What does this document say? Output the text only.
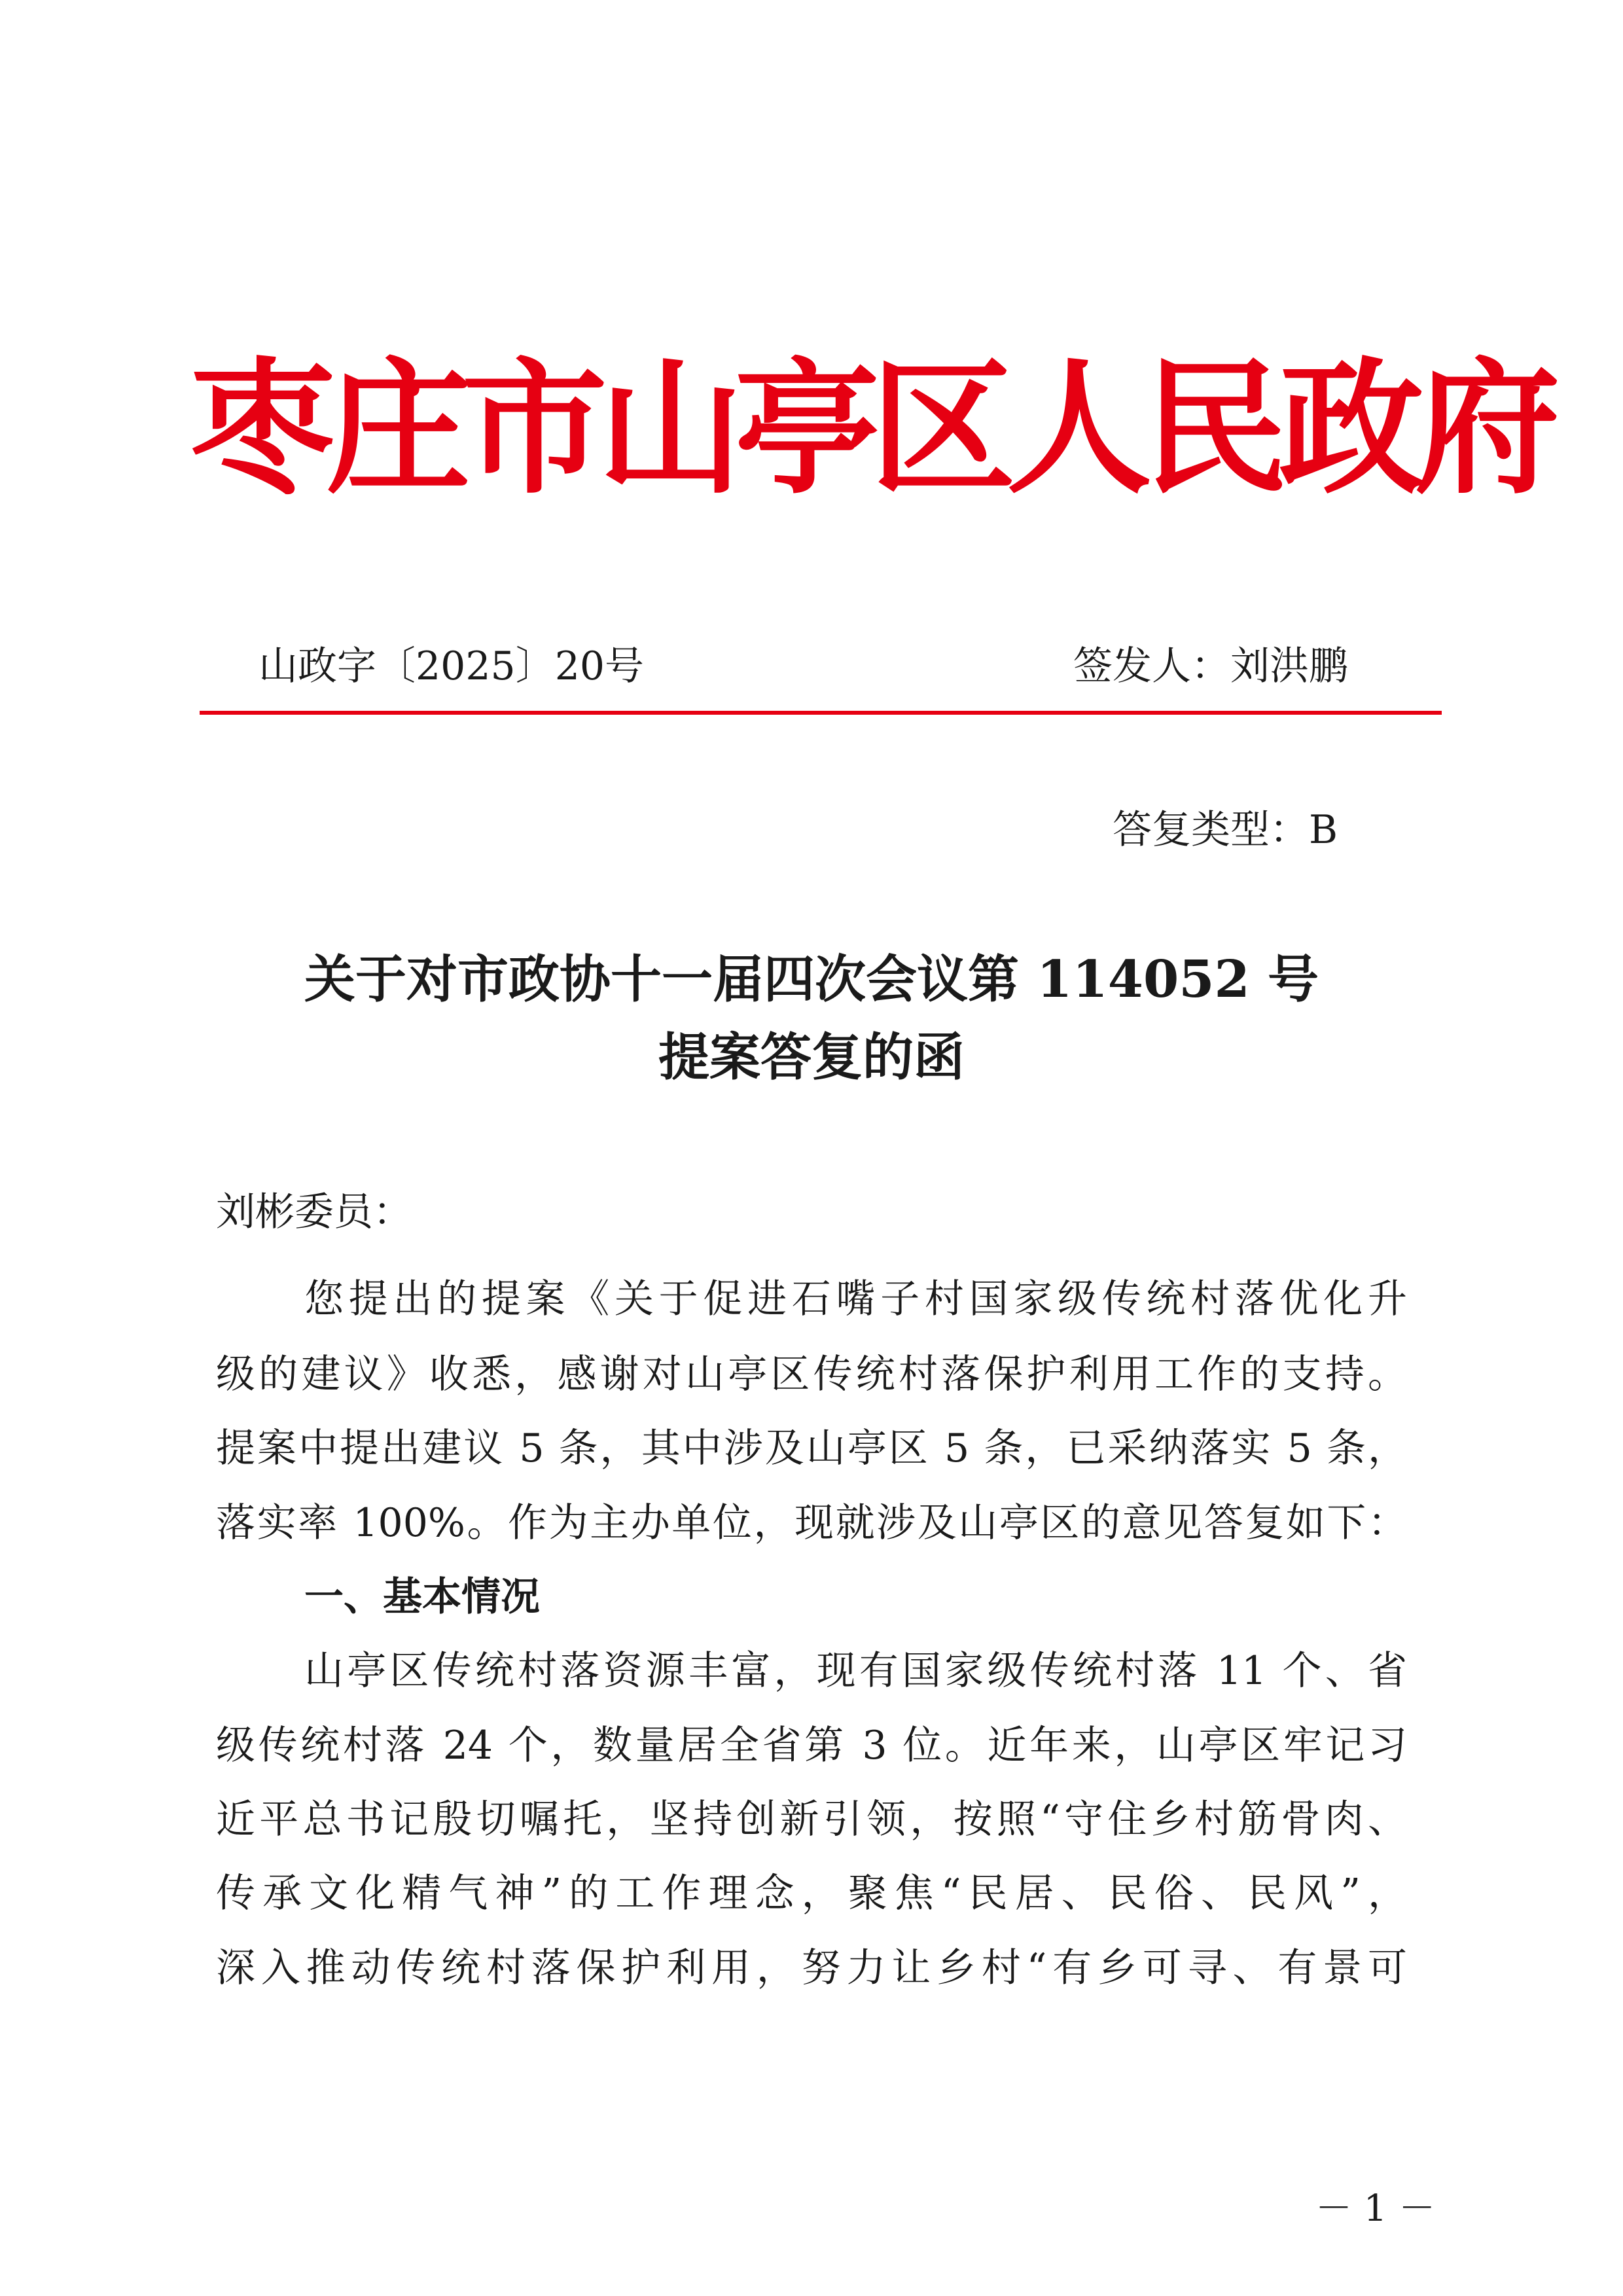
枣庄市山亭区人民政府
山政字〔2025〕20号	签发人：刘洪鹏
答复类型：B
关于对市政协十一届四次会议第 114052 号
提案答复的函
刘彬委员：
您提出的提案《关于促进石嘴子村国家级传统村落优化升
级的建议》收悉，感谢对山亭区传统村落保护利用工作的支持。
提案中提出建议 5 条，其中涉及山亭区 5 条，已采纳落实 5 条，
落实率 100%。作为主办单位，现就涉及山亭区的意见答复如下：
一、基本情况
山亭区传统村落资源丰富，现有国家级传统村落 11 个、省
级传统村落 24 个，数量居全省第 3 位。近年来，山亭区牢记习
近平总书记殷切嘱托，坚持创新引领，按照“守住乡村筋骨肉、
传承文化精气神”的工作理念，聚焦“民居、民俗、民风”，
深入推动传统村落保护利用，努力让乡村“有乡可寻、有景可
－ 1 －
